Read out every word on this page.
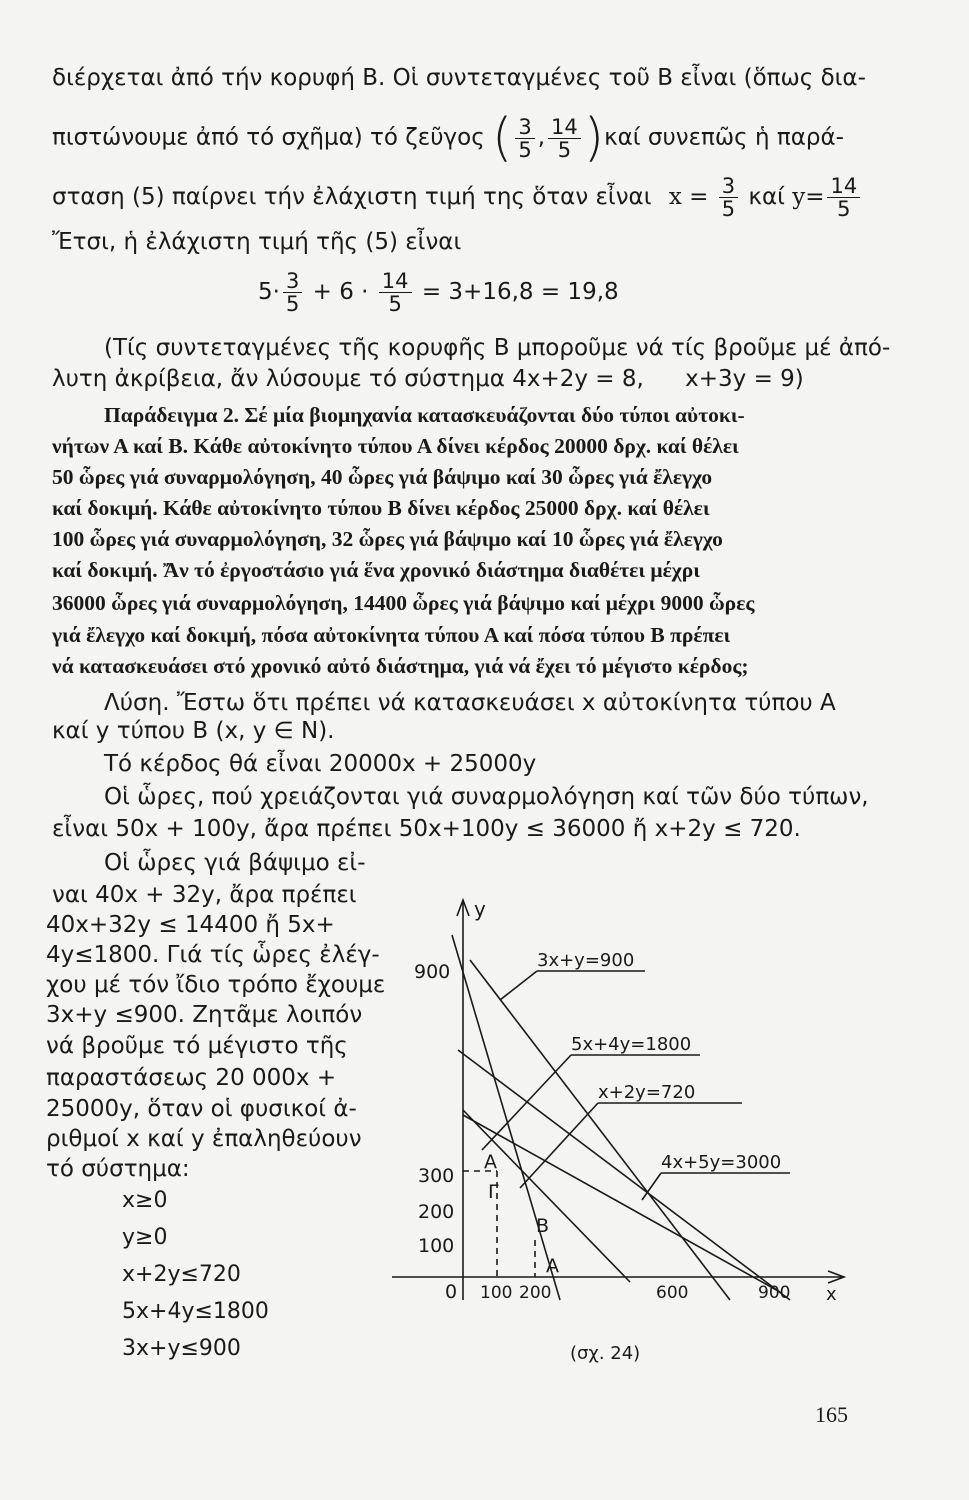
διέρχεται ἀπό τήν κορυφή Β. Οἱ συντεταγμένες τοῦ Β εἶναι (ὅπως δια-
πιστώνουμε ἀπό τό σχῆμα) τό ζεῦγος ( $\frac{3}{5}$ , $\frac{14}{5} )\kappa\alpha ί$ συνεπῶς ἡ παρά-
σταση (5) παίρνει τήν ἐλάχιστη τιμή της ὅταν εἶναι $x = \frac{3}{5}$ καί $y= \frac{14}{5}$
Ἔτσι, ἡ ἐλάχιστη τιμή τῆς (5) εἶναι
$5\cdot \frac{3}{5} + 6 \cdot \frac{14}{5} = 3+16,8 = 19,8$
(Τίς συντεταγμένες τῆς κορυφῆς Β μποροῦμε νά τίς βροῦμε μέ ἀπό-
λυτη ἀκρίβεια, ἄν λύσουμε τό σύστημα 4x+2y = 8, x+3y = 9)
Παράδειγμα 2. Σέ μία βιομηχανία κατασκευάζονται δύο τύποι αὐτοκι-
νήτων Α καί Β. Κάθε αὐτοκίνητο τύπου Α δίνει κέρδος 20000 δρχ. καί θέλει
50 ὧρες γιά συναρμολόγηση, 40 ὧρες γιά βάψιμο καί 30 ὧρες γιά ἔλεγχο
καί δοκιμή. Κάθε αὐτοκίνητο τύπου Β δίνει κέρδος 25000 δρχ. καί θέλει
100 ὧρες γιά συναρμολόγηση, 32 ὧρες γιά βάψιμο καί 10 ὧρες γιά ἔλεγχο
καί δοκιμή. Ἄν τό ἐργοστάσιο γιά ἕνα χρονικό διάστημα διαθέτει μέχρι
36000 ὧρες γιά συναρμολόγηση, 14400 ὧρες γιά βάψιμο καί μέχρι 9000 ὧρες
γιά ἔλεγχο καί δοκιμή, πόσα αὐτοκίνητα τύπου Α καί πόσα τύπου Β πρέπει
νά κατασκευάσει στό χρονικό αὐτό διάστημα, γιά νά ἔχει τό μέγιστο κέρδος;
Λύση. Ἔστω ὅτι πρέπει νά κατασκευάσει x αὐτοκίνητα τύπου Α
καί y τύπου Β (x, y ∈ N).
Τό κέρδος θά εἶναι 20000x + 25000y
Οἱ ὧρες, πού χρειάζονται γιά συναρμολόγηση καί τῶν δύο τύπων,
εἶναι 50x + 100y, ἄρα πρέπει 50x+100y ≤ 36000 ἤ x+2y ≤ 720.
Οἱ ὧρες γιά βάψιμο εἰ-
ναι 40x + 32y, ἄρα πρέπει
40x+32y ≤ 14400 ἤ 5x+
4y≤1800. Γιά τίς ὧρες ἐλέγ-
χου μέ τόν ἴδιο τρόπο ἔχουμε
3x+y ≤900. Ζητᾶμε λοιπόν
νά βροῦμε τό μέγιστο τῆς
παραστάσεως 20 000x +
25000y, ὅταν οἱ φυσικοί ἀ-
ριθμοί x καί y ἐπαληθεύουν
τό σύστημα:
x≥0
y≥0
x+2y≤720
5x+4y≤1800
3x+y≤900
900
300
200
100
0 100 200	600	900
y
x
Α
Γ
Β
Α
3x+y=900
5x+4y=1800
x+2y=720
4x+5y=3000
(σχ. 24)
165
